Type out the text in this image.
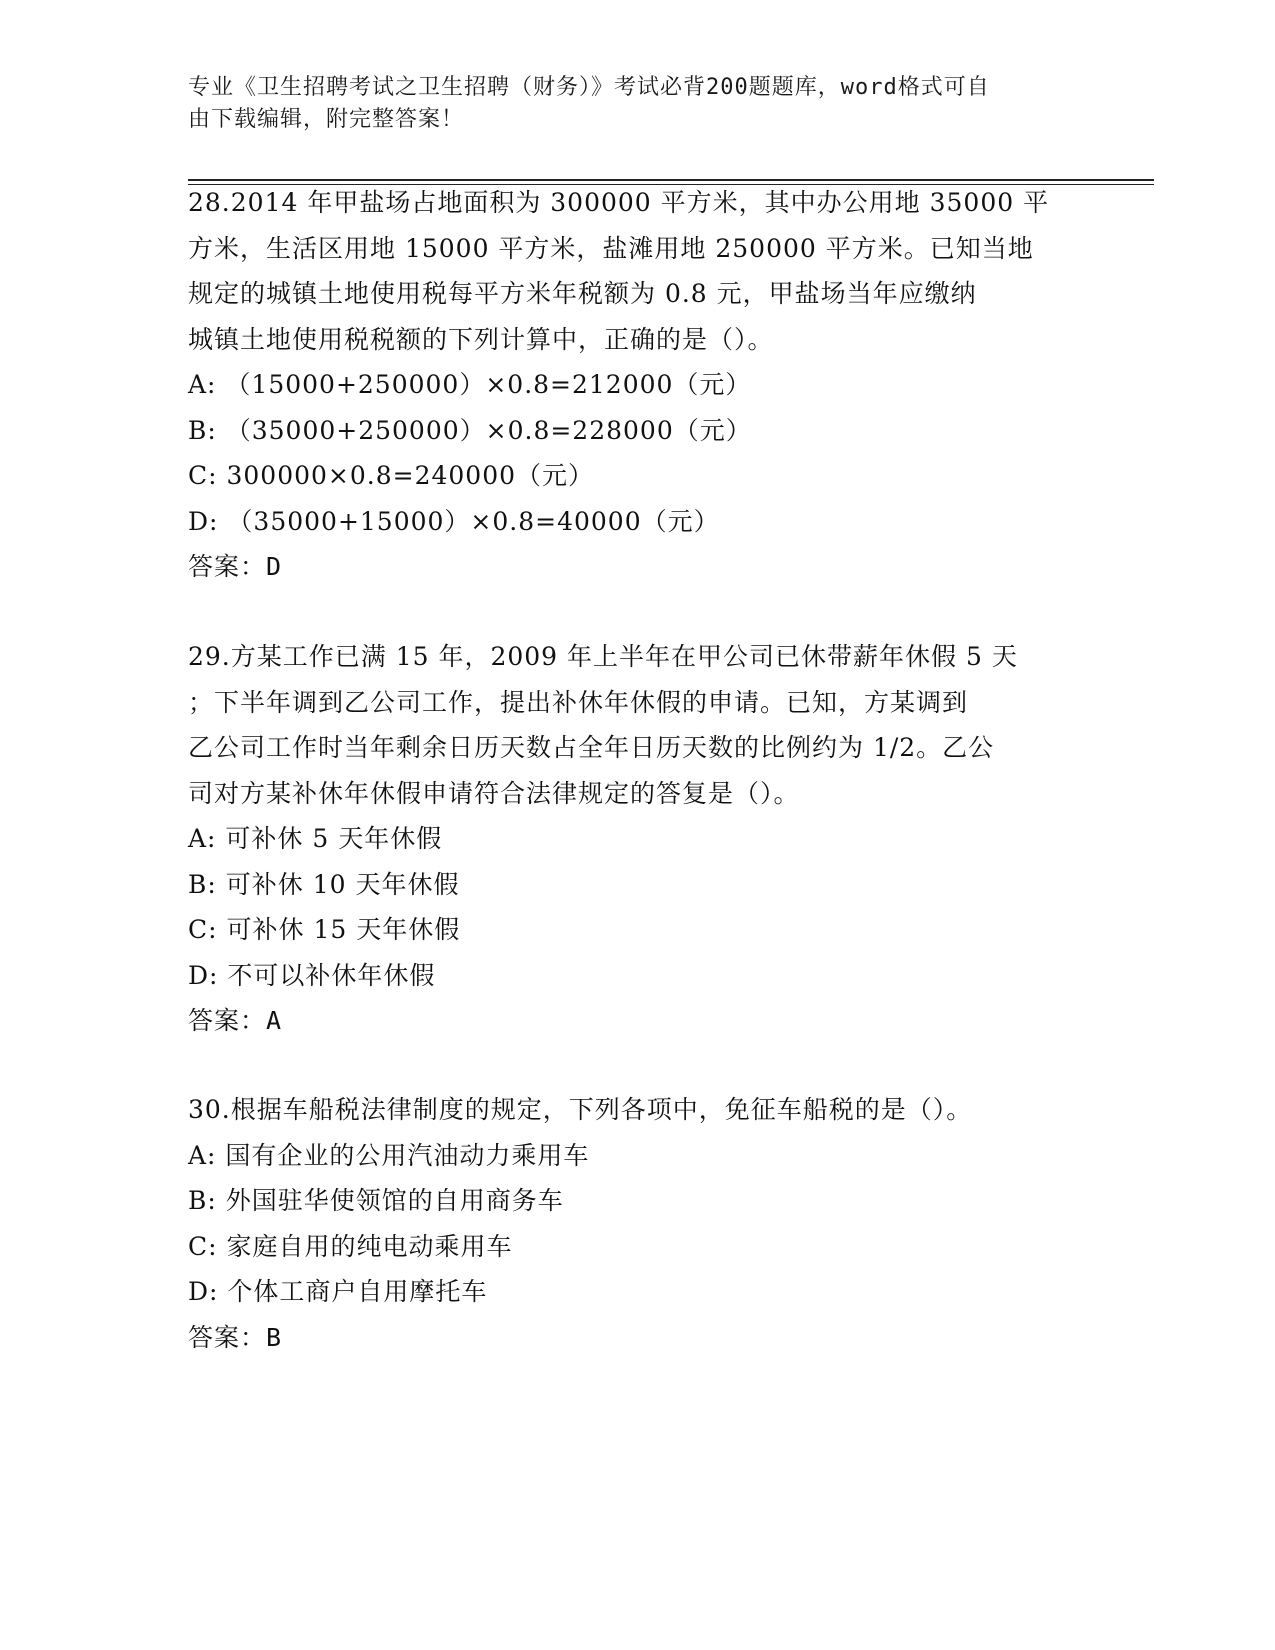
专业《卫生招聘考试之卫生招聘（财务）》考试必背200题题库，word格式可自
由下载编辑，附完整答案！
28.2014 年甲盐场占地面积为 300000 平方米，其中办公用地 35000 平
方米，生活区用地 15000 平方米，盐滩用地 250000 平方米。已知当地
规定的城镇土地使用税每平方米年税额为 0.8 元，甲盐场当年应缴纳
城镇土地使用税税额的下列计算中，正确的是（）。
A: （15000+250000）×0.8=212000（元）
B: （35000+250000）×0.8=228000（元）
C: 300000×0.8=240000（元）
D: （35000+15000）×0.8=40000（元）
答案：D
29.方某工作已满 15 年，2009 年上半年在甲公司已休带薪年休假 5 天
；下半年调到乙公司工作，提出补休年休假的申请。已知，方某调到
乙公司工作时当年剩余日历天数占全年日历天数的比例约为 1/2。乙公
司对方某补休年休假申请符合法律规定的答复是（）。
A: 可补休 5 天年休假
B: 可补休 10 天年休假
C: 可补休 15 天年休假
D: 不可以补休年休假
答案：A
30.根据车船税法律制度的规定，下列各项中，免征车船税的是（）。
A: 国有企业的公用汽油动力乘用车
B: 外国驻华使领馆的自用商务车
C: 家庭自用的纯电动乘用车
D: 个体工商户自用摩托车
答案：B
